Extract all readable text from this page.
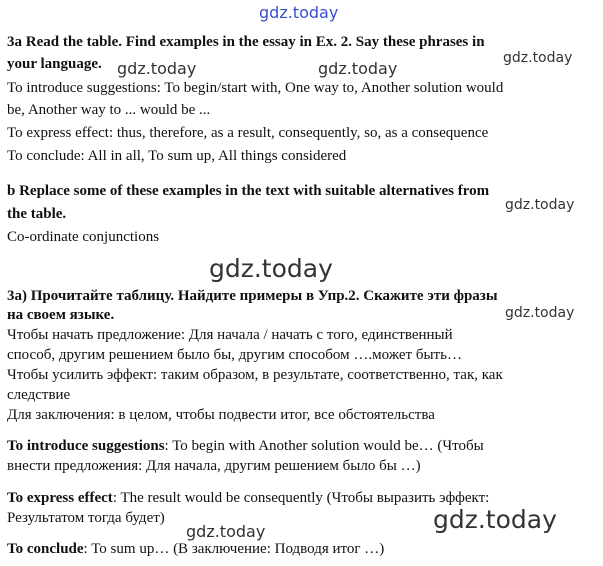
gdz.today
3a Read the table. Find examples in the essay in Ex. 2. Say these phrases in
your language. gdz.today	gdz.today
gdz.today
To introduce suggestions: To begin/start with, One way to, Another solution would
be, Another way to ... would be ...
To express effect: thus, therefore, as a result, consequently, so, as a consequence
To conclude: All in all, To sum up, All things considered
b Replace some of these examples in the text with suitable alternatives from
the table.
gdz.today
Co-ordinate conjunctions
gdz.today
3а) Прочитайте таблицу. Найдите примеры в Упр.2. Скажите эти фразы
на своем языке.	gdz.today
Чтобы начать предложение: Для начала / начать с того, единственный
способ, другим решением было бы, другим способом ….может быть…
Чтобы усилить эффект: таким образом, в результате, соответственно, так, как
следствие
Для заключения: в целом, чтобы подвести итог, все обстоятельства
To introduce suggestions: To begin with Another solution would be… (Чтобы
внести предложения: Для начала, другим решением было бы …)
To express effect: The result would be consequently (Чтобы выразить эффект:
Результатом тогда будет)	gdz.today
gdz.today
To conclude: To sum up… (В заключение: Подводя итог …)
